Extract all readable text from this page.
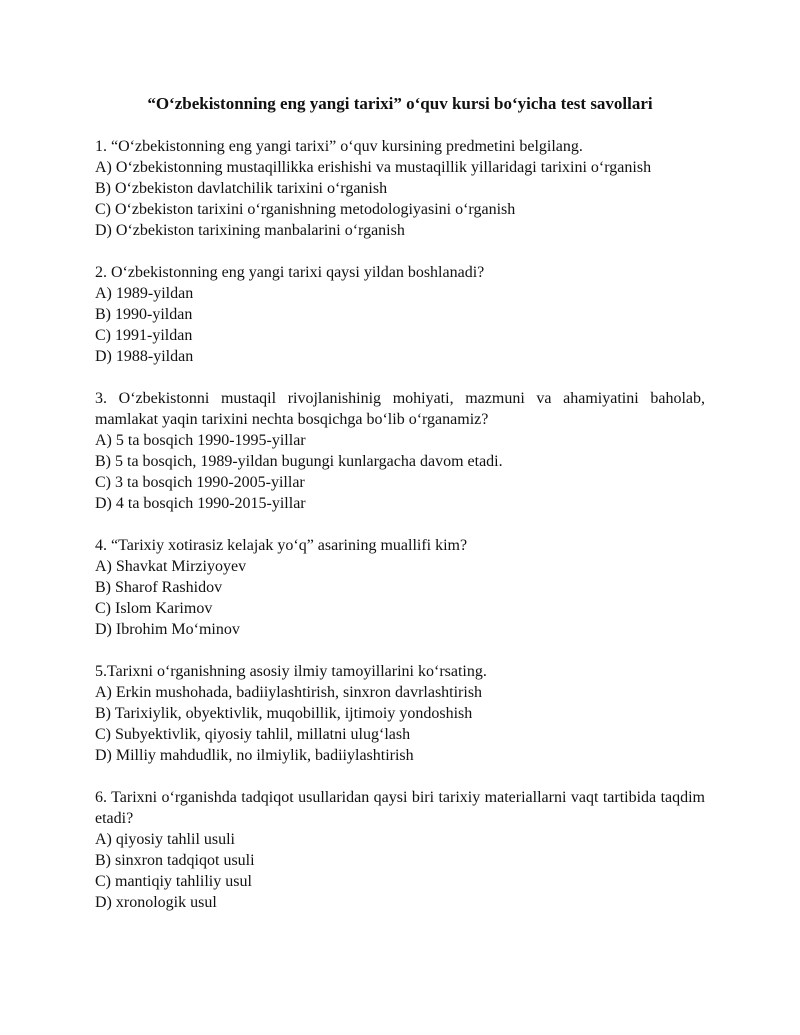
“O‘zbekistonning eng yangi tarixi” o‘quv kursi bo‘yicha test savollari
1. “O‘zbekistonning eng yangi tarixi” o‘quv kursining predmetini belgilang.
A) O‘zbekistonning mustaqillikka erishishi va mustaqillik yillaridagi tarixini o‘rganish
B) O‘zbekiston davlatchilik tarixini o‘rganish
C) O‘zbekiston tarixini o‘rganishning metodologiyasini o‘rganish
D) O‘zbekiston tarixining manbalarini o‘rganish
2. O‘zbekistonning eng yangi tarixi qaysi yildan boshlanadi?
A) 1989-yildan
B) 1990-yildan
C) 1991-yildan
D) 1988-yildan
3. O‘zbekistonni mustaqil rivojlanishinig mohiyati, mazmuni va ahamiyatini baholab, mamlakat yaqin tarixini nechta bosqichga bo‘lib o‘rganamiz?
A) 5 ta bosqich 1990-1995-yillar
B) 5 ta bosqich, 1989-yildan bugungi kunlargacha davom etadi.
C) 3 ta bosqich 1990-2005-yillar
D) 4 ta bosqich 1990-2015-yillar
4. “Tarixiy xotirasiz kelajak yo‘q” asarining muallifi kim?
A) Shavkat Mirziyoyev
B) Sharof Rashidov
C) Islom Karimov
D) Ibrohim Mo‘minov
5.Tarixni o‘rganishning asosiy ilmiy tamoyillarini ko‘rsating.
A) Erkin mushohada, badiiylashtirish, sinxron davrlashtirish
B) Tarixiylik, obyektivlik, muqobillik, ijtimoiy yondoshish
C) Subyektivlik, qiyosiy tahlil, millatni ulug‘lash
D) Milliy mahdudlik, no ilmiylik, badiiylashtirish
6. Tarixni o‘rganishda tadqiqot usullaridan qaysi biri tarixiy materiallarni vaqt tartibida taqdim etadi?
A) qiyosiy tahlil usuli
B) sinxron tadqiqot usuli
C) mantiqiy tahliliy usul
D) xronologik usul
